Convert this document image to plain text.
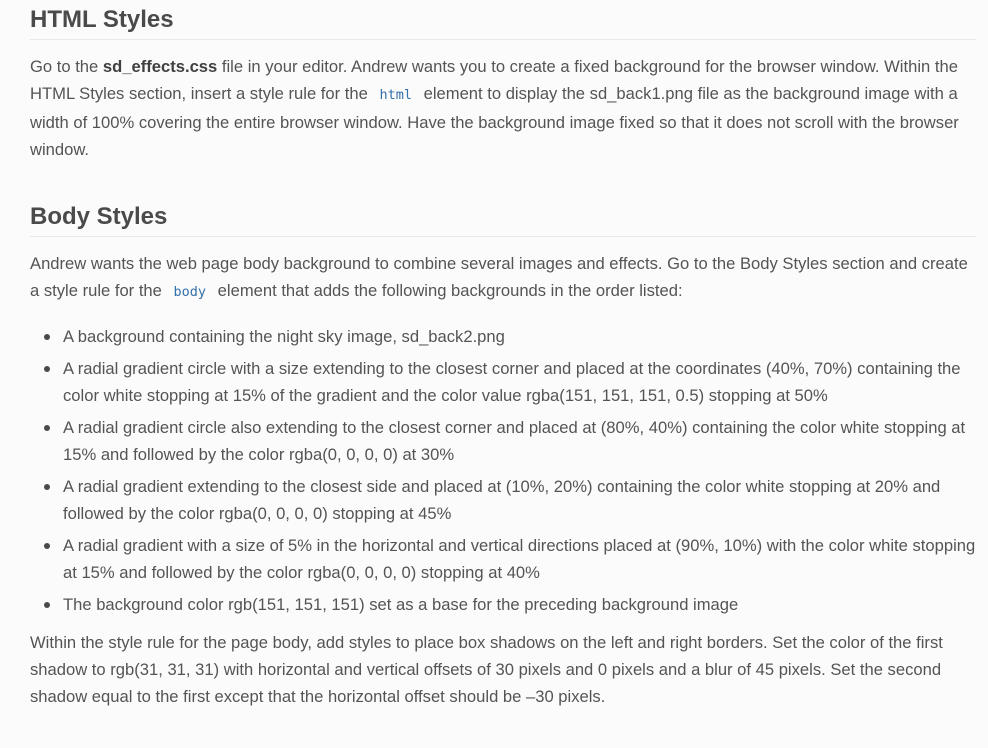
HTML Styles

Go to the sd_effects.css file in your editor. Andrew wants you to create a fixed background for the browser window. Within the HTML Styles section, insert a style rule for the html element to display the sd_back1.png file as the background image with a width of 100% covering the entire browser window. Have the background image fixed so that it does not scroll with the browser window.

Body Styles

Andrew wants the web page body background to combine several images and effects. Go to the Body Styles section and create a style rule for the body element that adds the following backgrounds in the order listed:

A background containing the night sky image, sd_back2.png
A radial gradient circle with a size extending to the closest corner and placed at the coordinates (40%, 70%) containing the color white stopping at 15% of the gradient and the color value rgba(151, 151, 151, 0.5) stopping at 50%
A radial gradient circle also extending to the closest corner and placed at (80%, 40%) containing the color white stopping at 15% and followed by the color rgba(0, 0, 0, 0) at 30%
A radial gradient extending to the closest side and placed at (10%, 20%) containing the color white stopping at 20% and followed by the color rgba(0, 0, 0, 0) stopping at 45%
A radial gradient with a size of 5% in the horizontal and vertical directions placed at (90%, 10%) with the color white stopping at 15% and followed by the color rgba(0, 0, 0, 0) stopping at 40%
The background color rgb(151, 151, 151) set as a base for the preceding background image

Within the style rule for the page body, add styles to place box shadows on the left and right borders. Set the color of the first shadow to rgb(31, 31, 31) with horizontal and vertical offsets of 30 pixels and 0 pixels and a blur of 45 pixels. Set the second shadow equal to the first except that the horizontal offset should be –30 pixels.
